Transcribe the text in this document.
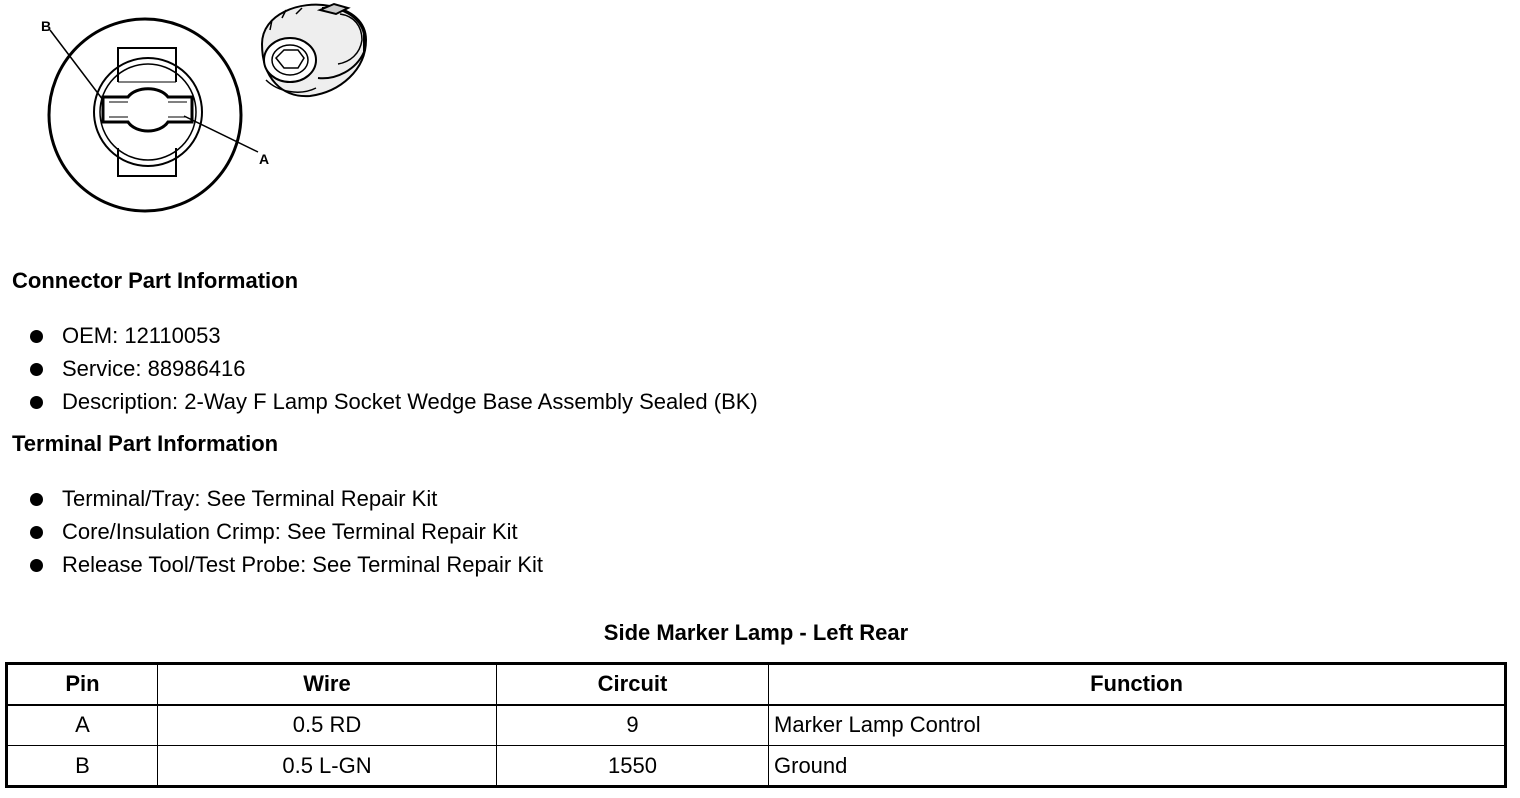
B
A
Connector Part Information
OEM: 12110053
Service: 88986416
Description: 2-Way F Lamp Socket Wedge Base Assembly Sealed (BK)
Terminal Part Information
Terminal/Tray: See Terminal Repair Kit
Core/Insulation Crimp: See Terminal Repair Kit
Release Tool/Test Probe: See Terminal Repair Kit
Side Marker Lamp - Left Rear
Pin	Wire	Circuit	Function
A	0.5 RD	9	Marker Lamp Control
B	0.5 L-GN	1550	Ground
